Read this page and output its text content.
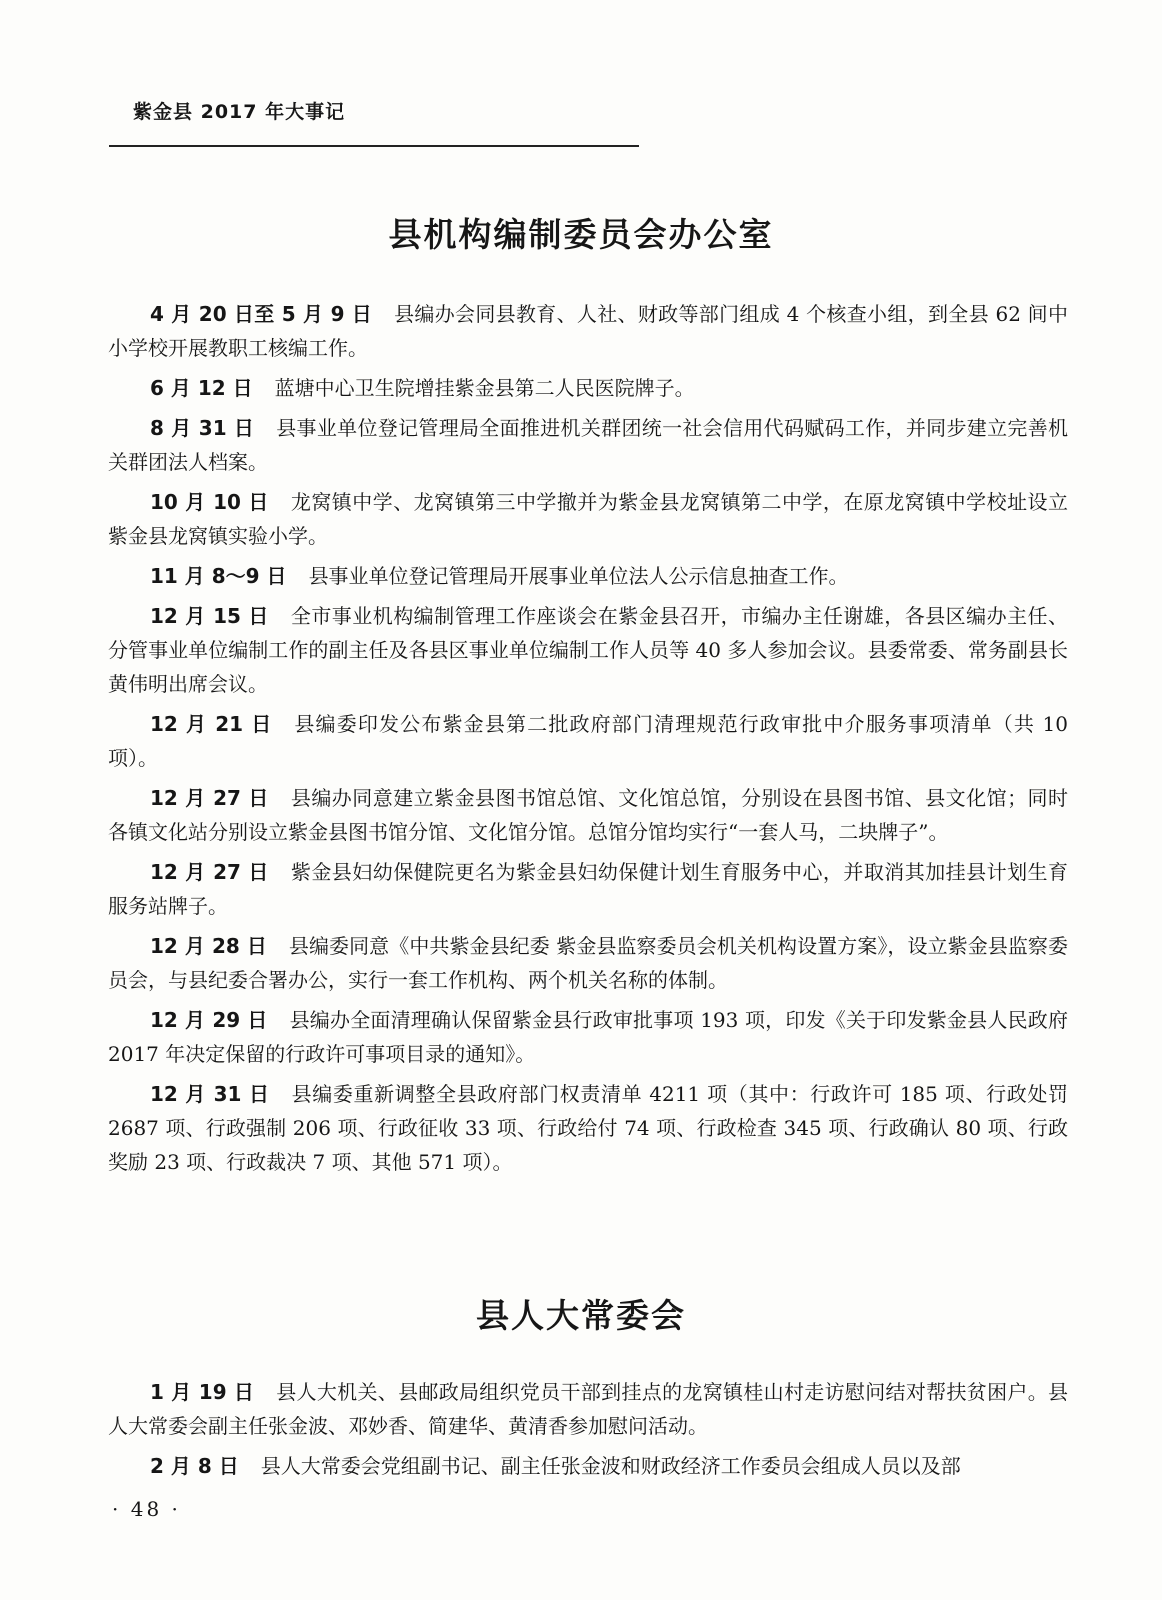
紫金县 2017 年大事记
县机构编制委员会办公室

4 月 20 日至 5 月 9 日 县编办会同县教育、人社、财政等部门组成 4 个核查小组，到全县 62 间中小学校开展教职工核编工作。

6 月 12 日 蓝塘中心卫生院增挂紫金县第二人民医院牌子。

8 月 31 日 县事业单位登记管理局全面推进机关群团统一社会信用代码赋码工作，并同步建立完善机关群团法人档案。

10 月 10 日 龙窝镇中学、龙窝镇第三中学撤并为紫金县龙窝镇第二中学，在原龙窝镇中学校址设立紫金县龙窝镇实验小学。

11 月 8～9 日 县事业单位登记管理局开展事业单位法人公示信息抽查工作。

12 月 15 日 全市事业机构编制管理工作座谈会在紫金县召开，市编办主任谢雄，各县区编办主任、分管事业单位编制工作的副主任及各县区事业单位编制工作人员等 40 多人参加会议。县委常委、常务副县长黄伟明出席会议。

12 月 21 日 县编委印发公布紫金县第二批政府部门清理规范行政审批中介服务事项清单（共 10 项）。

12 月 27 日 县编办同意建立紫金县图书馆总馆、文化馆总馆，分别设在县图书馆、县文化馆；同时各镇文化站分别设立紫金县图书馆分馆、文化馆分馆。总馆分馆均实行“一套人马，二块牌子”。

12 月 27 日 紫金县妇幼保健院更名为紫金县妇幼保健计划生育服务中心，并取消其加挂县计划生育服务站牌子。

12 月 28 日 县编委同意《中共紫金县纪委 紫金县监察委员会机关机构设置方案》，设立紫金县监察委员会，与县纪委合署办公，实行一套工作机构、两个机关名称的体制。

12 月 29 日 县编办全面清理确认保留紫金县行政审批事项 193 项，印发《关于印发紫金县人民政府 2017 年决定保留的行政许可事项目录的通知》。

12 月 31 日 县编委重新调整全县政府部门权责清单 4211 项（其中：行政许可 185 项、行政处罚 2687 项、行政强制 206 项、行政征收 33 项、行政给付 74 项、行政检查 345 项、行政确认 80 项、行政奖励 23 项、行政裁决 7 项、其他 571 项）。

县人大常委会

1 月 19 日 县人大机关、县邮政局组织党员干部到挂点的龙窝镇桂山村走访慰问结对帮扶贫困户。县人大常委会副主任张金波、邓妙香、简建华、黄清香参加慰问活动。

2 月 8 日 县人大常委会党组副书记、副主任张金波和财政经济工作委员会组成人员以及部

· 48 ·
